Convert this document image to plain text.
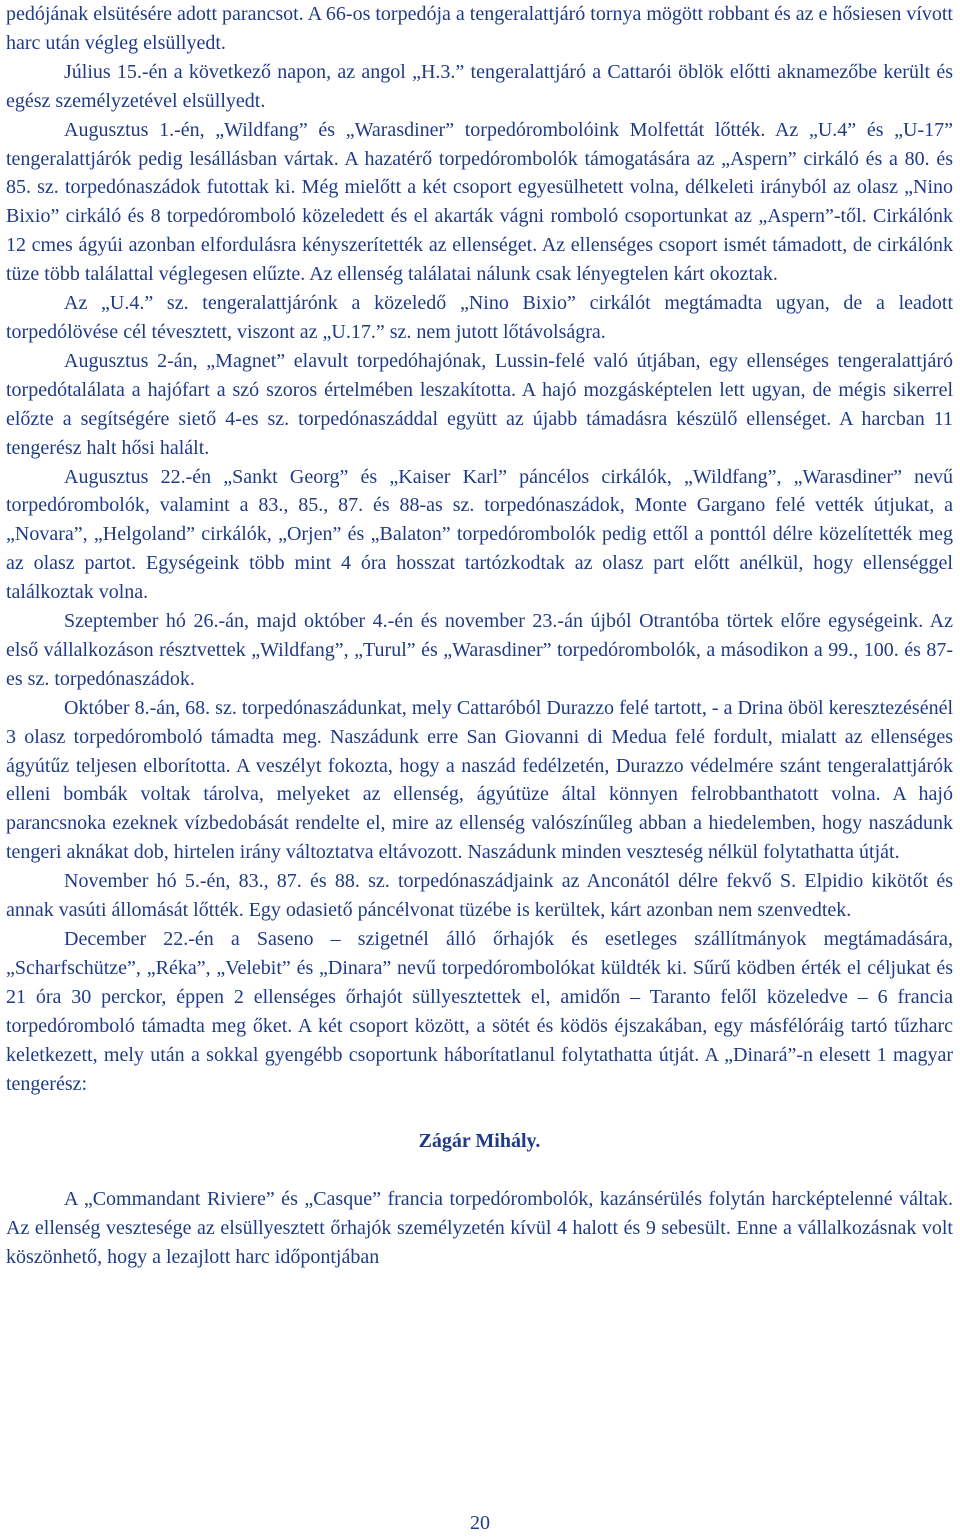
pedójának elsütésére adott parancsot. A 66-os torpedója a tengeralattjáró tornya mögött robbant és az e hősiesen vívott harc után végleg elsüllyedt.

Július 15.-én a következő napon, az angol „H.3.” tengeralattjáró a Cattarói öblök előtti aknamezőbe került és egész személyzetével elsüllyedt.

Augusztus 1.-én, „Wildfang” és „Warasdiner” torpedórombolóink Molfettát lőtték. Az „U.4” és „U-17” tengeralattjárók pedig lesállásban vártak. A hazatérő torpedórombolók támogatására az „Aspern” cirkáló és a 80. és 85. sz. torpedónaszádok futottak ki. Még mielőtt a két csoport egyesülhetett volna, délkeleti irányból az olasz „Nino Bixio” cirkáló és 8 torpedóromboló közeledett és el akarták vágni romboló csoportunkat az „Aspern”-től. Cirkálónk 12 cmes ágyúi azonban elfordulásra kényszerítették az ellenséget. Az ellenséges csoport ismét támadott, de cirkálónk tüze több találattal véglegesen elűzte. Az ellenség találatai nálunk csak lényegtelen kárt okoztak.

Az „U.4.” sz. tengeralattjárónk a közeledő „Nino Bixio” cirkálót megtámadta ugyan, de a leadott torpedólövése cél tévesztett, viszont az „U.17.” sz. nem jutott lőtávolságra.

Augusztus 2-án, „Magnet” elavult torpedóhajónak, Lussin-felé való útjában, egy ellenséges tengeralattjáró torpedótalálata a hajófart a szó szoros értelmében leszakította. A hajó mozgásképtelen lett ugyan, de mégis sikerrel előzte a segítségére siető 4-es sz. torpedónaszáddal együtt az újabb támadásra készülő ellenséget. A harcban 11 tengerész halt hősi halált.

Augusztus 22.-én „Sankt Georg” és „Kaiser Karl” páncélos cirkálók, „Wildfang”, „Warasdiner” nevű torpedórombolók, valamint a 83., 85., 87. és 88-as sz. torpedónaszádok, Monte Gargano felé vették útjukat, a „Novara”, „Helgoland” cirkálók, „Orjen” és „Balaton” torpedórombolók pedig ettől a ponttól délre közelítették meg az olasz partot. Egységeink több mint 4 óra hosszat tartózkodtak az olasz part előtt anélkül, hogy ellenséggel találkoztak volna.

Szeptember hó 26.-án, majd október 4.-én és november 23.-án újból Otrantóba törtek előre egységeink. Az első vállalkozáson résztvettek „Wildfang”, „Turul” és „Warasdiner” torpedórombolók, a másodikon a 99., 100. és 87-es sz. torpedónaszádok.

Október 8.-án, 68. sz. torpedónaszádunkat, mely Cattaróból Durazzo felé tartott, - a Drina öböl keresztezésénél 3 olasz torpedóromboló támadta meg. Naszádunk erre San Giovanni di Medua felé fordult, mialatt az ellenséges ágyútűz teljesen elborította. A veszélyt fokozta, hogy a naszád fedélzetén, Durazzo védelmére szánt tengeralattjárók elleni bombák voltak tárolva, melyeket az ellenség, ágyútüze által könnyen felrobbanthatott volna. A hajó parancsnoka ezeknek vízbedobását rendelte el, mire az ellenség valószínűleg abban a hiedelemben, hogy naszádunk tengeri aknákat dob, hirtelen irány változtatva eltávozott. Naszádunk minden veszteség nélkül folytathatta útját.

November hó 5.-én, 83., 87. és 88. sz. torpedónaszádjaink az Anconától délre fekvő S. Elpidio kikötőt és annak vasúti állomását lőtték. Egy odasiető páncélvonat tüzébe is kerültek, kárt azonban nem szenvedtek.

December 22.-én a Saseno – szigetnél álló őrhajók és esetleges szállítmányok megtámadására, „Scharfschütze”, „Réka”, „Velebit” és „Dinara” nevű torpedórombolókat küldték ki. Sűrű ködben érték el céljukat és 21 óra 30 perckor, éppen 2 ellenséges őrhajót süllyesztettek el, amidőn – Taranto felől közeledve – 6 francia torpedóromboló támadta meg őket. A két csoport között, a sötét és ködös éjszakában, egy másfélóráig tartó tűzharc keletkezett, mely után a sokkal gyengébb csoportunk háborítatlanul folytathatta útját. A „Dinará”-n elesett 1 magyar tengerész:

Zágár Mihály.

A „Commandant Riviere” és „Casque” francia torpedórombolók, kazánsérülés folytán harcképtelenné váltak. Az ellenség vesztesége az elsüllyesztett őrhajók személyzetén kívül 4 halott és 9 sebesült. Enne a vállalkozásnak volt köszönhető, hogy a lezajlott harc időpontjában

20
